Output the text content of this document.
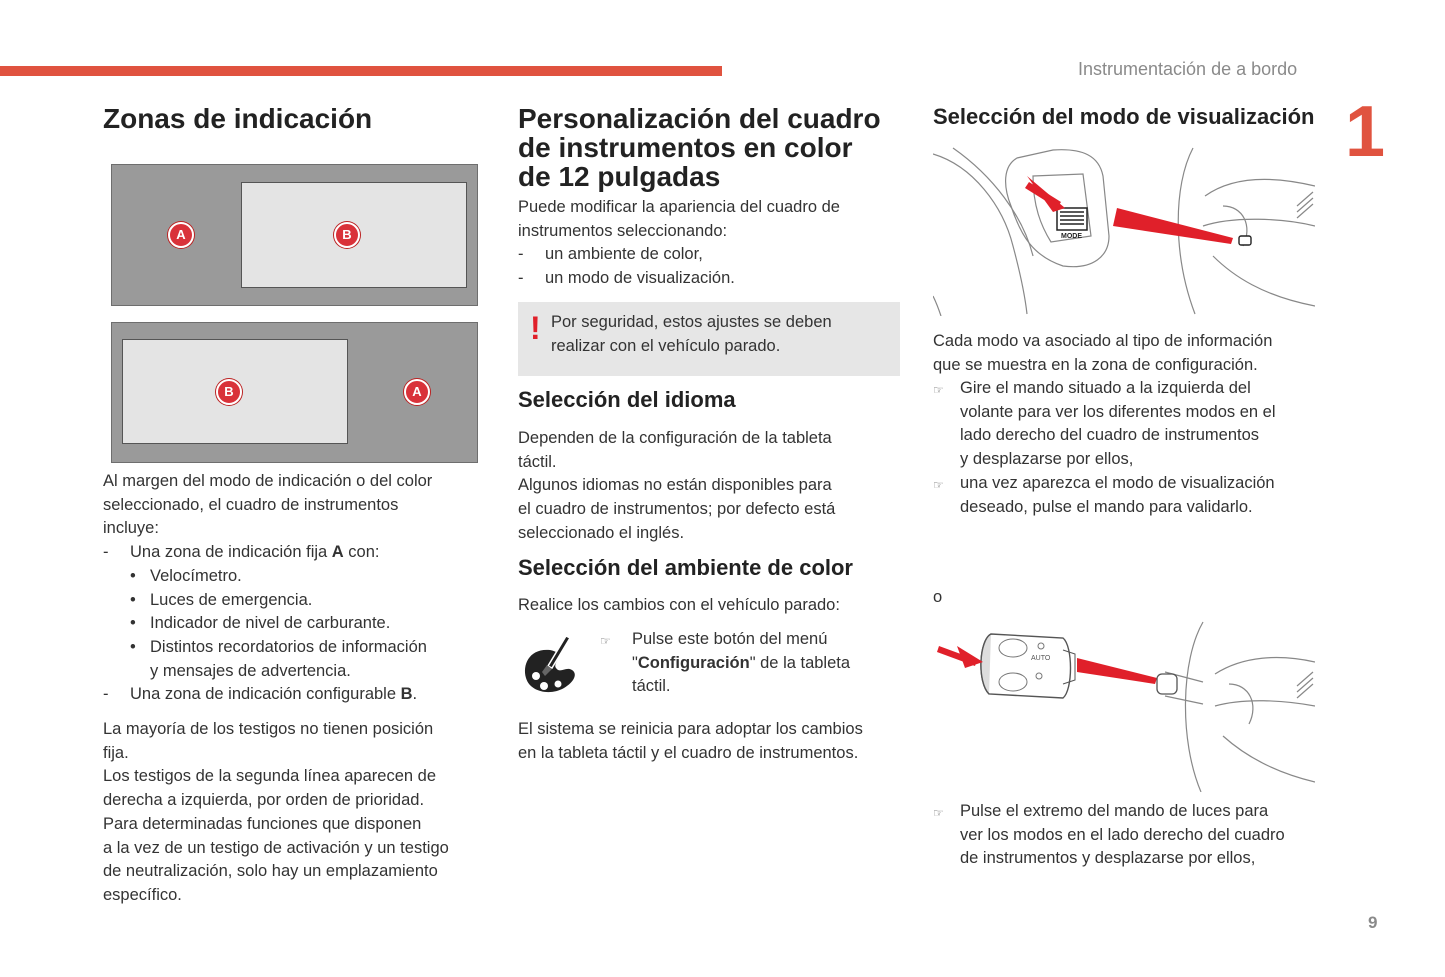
Instrumentación de a bordo
1
9
Zonas de indicación
A	B
B	A
Al margen del modo de indicación o del color
seleccionado, el cuadro de instrumentos
incluye:
- Una zona de indicación fija A con:
• Velocímetro.
• Luces de emergencia.
• Indicador de nivel de carburante.
• Distintos recordatorios de información
y mensajes de advertencia.
- Una zona de indicación configurable B.
La mayoría de los testigos no tienen posición
fija.
Los testigos de la segunda línea aparecen de
derecha a izquierda, por orden de prioridad.
Para determinadas funciones que disponen
a la vez de un testigo de activación y un testigo
de neutralización, solo hay un emplazamiento
específico.
Personalización del cuadro
de instrumentos en color
de 12 pulgadas
Puede modificar la apariencia del cuadro de
instrumentos seleccionando:
- un ambiente de color,
- un modo de visualización.
! Por seguridad, estos ajustes se deben
realizar con el vehículo parado.
Selección del idioma
Dependen de la configuración de la tableta
táctil.
Algunos idiomas no están disponibles para
el cuadro de instrumentos; por defecto está
seleccionado el inglés.
Selección del ambiente de color
Realice los cambios con el vehículo parado:
☞	Pulse este botón del menú
"Configuración" de la tableta
táctil.
El sistema se reinicia para adoptar los cambios
en la tableta táctil y el cuadro de instrumentos.
Selección del modo de visualización
MODE
Cada modo va asociado al tipo de información
que se muestra en la zona de configuración.
☞ Gire el mando situado a la izquierda del
volante para ver los diferentes modos en el
lado derecho del cuadro de instrumentos
y desplazarse por ellos,
☞ una vez aparezca el modo de visualización
deseado, pulse el mando para validarlo.
o
AUTO
☞ Pulse el extremo del mando de luces para
ver los modos en el lado derecho del cuadro
de instrumentos y desplazarse por ellos,
